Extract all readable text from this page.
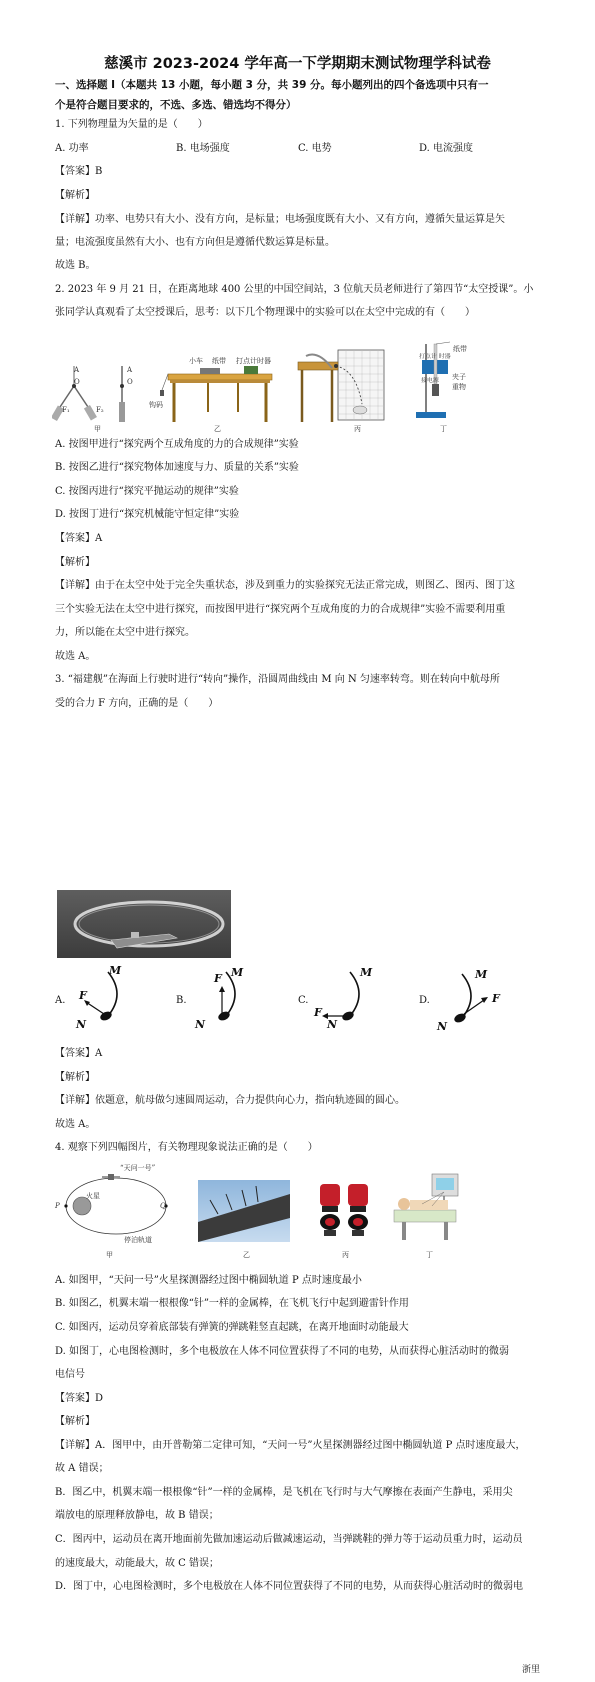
慈溪市 2023-2024 学年高一下学期期末测试物理学科试卷
一、选择题 I（本题共 13 小题，每小题 3 分，共 39 分。每小题列出的四个备选项中只有一
个是符合题目要求的，不选、多选、错选均不得分）
1. 下列物理量为矢量的是（　　）
A. 功率	B. 电场强度	C. 电势	D. 电流强度
【答案】B
【解析】
【详解】功率、电势只有大小、没有方向，是标量；电场强度既有大小、又有方向，遵循矢量运算是矢
量；电流强度虽然有大小、也有方向但是遵循代数运算是标量。
故选 B。
2. 2023 年 9 月 21 日，在距离地球 400 公里的中国空间站，3 位航天员老师进行了第四节“太空授课”。小
张同学认真观看了太空授课后，思考：以下几个物理课中的实验可以在太空中完成的有（　　）
A
O
A
O
F₁	F₂
甲
小车 纸带 打点计时器
钩码
乙	丙
打点计 时器
纸带
接电源 夹子
重物
丁
A. 按图甲进行“探究两个互成角度的力的合成规律”实验
B. 按图乙进行“探究物体加速度与力、质量的关系”实验
C. 按图丙进行“探究平抛运动的规律”实验
D. 按图丁进行“探究机械能守恒定律”实验
【答案】A
【解析】
【详解】由于在太空中处于完全失重状态，涉及到重力的实验探究无法正常完成，则图乙、图丙、图丁这
三个实验无法在太空中进行探究，而按图甲进行“探究两个互成角度的力的合成规律”实验不需要利用重
力，所以能在太空中进行探究。
故选 A。
3. “福建舰”在海面上行驶时进行“转向”操作，沿圆周曲线由 M 向 N 匀速率转弯。则在转向中航母所
受的合力 F 方向，正确的是（　　）
A.
M
F
N
B.
M
F
N
C.
M
F
N
D.
M
F
N
【答案】A
【解析】
【详解】依题意，航母做匀速圆周运动，合力提供向心力，指向轨迹圆的圆心。
故选 A。
4. 观察下列四幅图片，有关物理现象说法正确的是（　　）
“天问一号”
火星
P	Q
停泊轨道
甲	乙	丙	丁
A. 如图甲，“天问一号”火星探测器经过图中椭圆轨道 P 点时速度最小
B. 如图乙，机翼末端一根根像“针”一样的金属棒，在飞机飞行中起到避雷针作用
C. 如图丙，运动员穿着底部装有弹簧的弹跳鞋竖直起跳，在离开地面时动能最大
D. 如图丁，心电图检测时，多个电极放在人体不同位置获得了不同的电势，从而获得心脏活动时的微弱
电信号
【答案】D
【解析】
【详解】A．图甲中，由开普勒第二定律可知，“天问一号”火星探测器经过图中椭圆轨道 P 点时速度最大，
故 A 错误；
B．图乙中，机翼末端一根根像“针”一样的金属棒，是飞机在飞行时与大气摩擦在表面产生静电，采用尖
端放电的原理释放静电，故 B 错误；
C．图丙中，运动员在离开地面前先做加速运动后做减速运动，当弹跳鞋的弹力等于运动员重力时，运动员
的速度最大，动能最大，故 C 错误；
D．图丁中，心电图检测时，多个电极放在人体不同位置获得了不同的电势，从而获得心脏活动时的微弱电
浙里
